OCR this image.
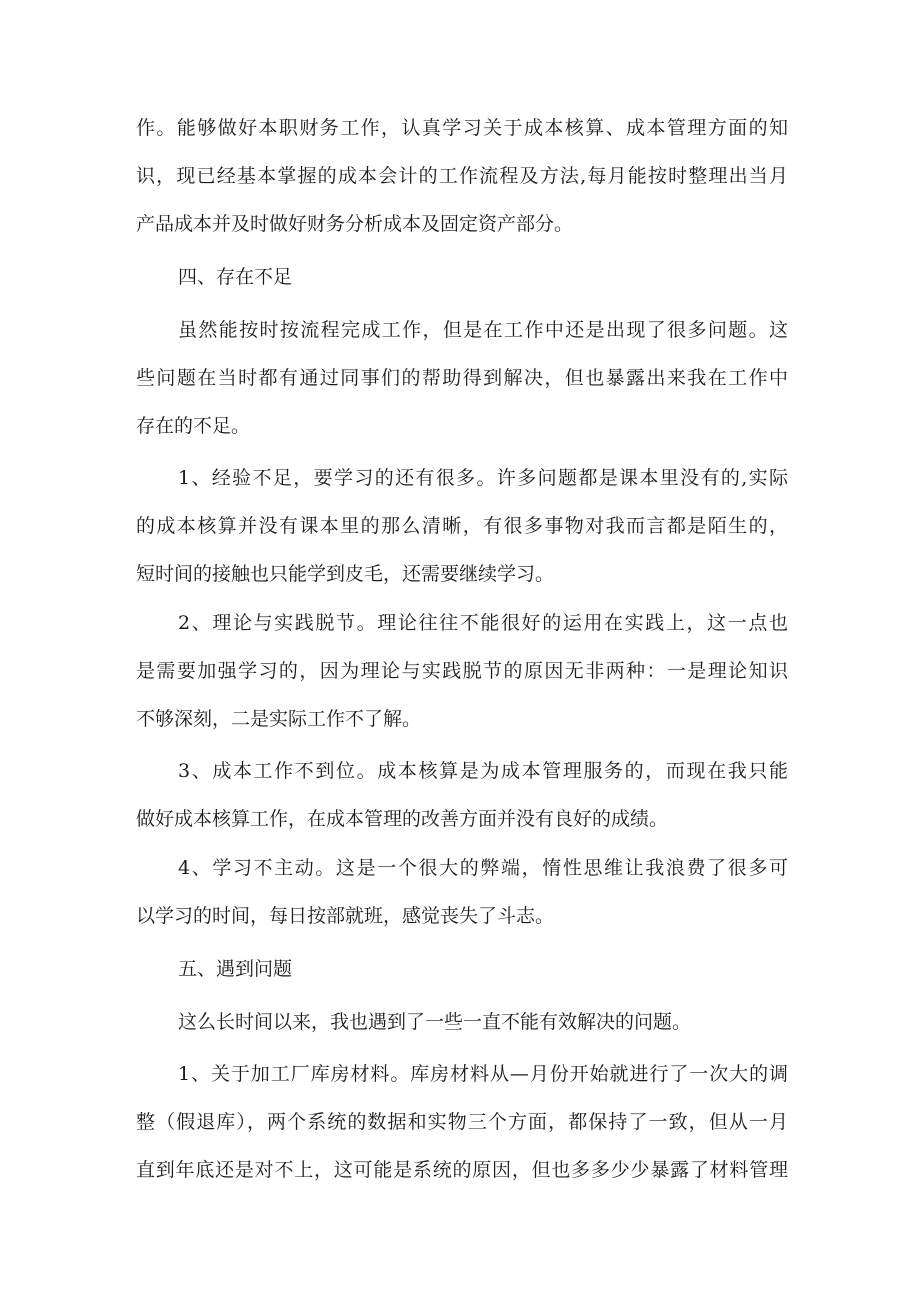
作。能够做好本职财务工作，认真学习关于成本核算、成本管理方面的知
识，现已经基本掌握的成本会计的工作流程及方法,每月能按时整理出当月
产品成本并及时做好财务分析成本及固定资产部分。
四、存在不足
虽然能按时按流程完成工作，但是在工作中还是出现了很多问题。这
些问题在当时都有通过同事们的帮助得到解决，但也暴露出来我在工作中
存在的不足。
1、经验不足，要学习的还有很多。许多问题都是课本里没有的,实际
的成本核算并没有课本里的那么清晰，有很多事物对我而言都是陌生的，
短时间的接触也只能学到皮毛，还需要继续学习。
2、理论与实践脱节。理论往往不能很好的运用在实践上，这一点也
是需要加强学习的，因为理论与实践脱节的原因无非两种：一是理论知识
不够深刻，二是实际工作不了解。
3、成本工作不到位。成本核算是为成本管理服务的，而现在我只能
做好成本核算工作，在成本管理的改善方面并没有良好的成绩。
4、学习不主动。这是一个很大的弊端，惰性思维让我浪费了很多可
以学习的时间，每日按部就班，感觉丧失了斗志。
五、遇到问题
这么长时间以来，我也遇到了一些一直不能有效解决的问题。
1、关于加工厂库房材料。库房材料从—月份开始就进行了一次大的调
整（假退库），两个系统的数据和实物三个方面，都保持了一致，但从一月
直到年底还是对不上，这可能是系统的原因，但也多多少少暴露了材料管理
